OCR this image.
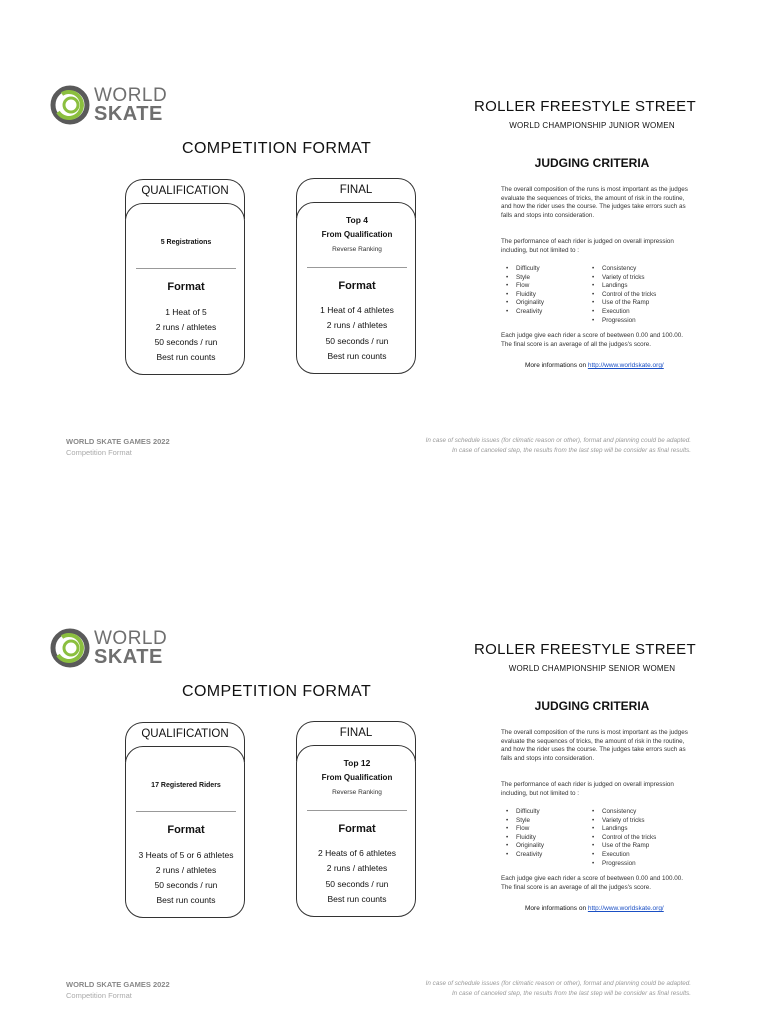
WORLD
SKATE
COMPETITION FORMAT
QUALIFICATION
5 Registrations
Format
1 Heat of 5
2 runs / athletes
50 seconds / run
Best run counts
FINAL
Top 4
From Qualification
Reverse Ranking
Format
1 Heat of 4 athletes
2 runs / athletes
50 seconds / run
Best run counts
ROLLER FREESTYLE STREET
WORLD CHAMPIONSHIP JUNIOR WOMEN
JUDGING CRITERIA
The overall composition of the runs is most important as the judges evaluate the sequences of tricks, the amount of risk in the routine, and how the rider uses the course. The judges take errors such as falls and stops into consideration.
The performance of each rider is judged on overall impression including, but not limited to :
• Difficulty
• Style
• Flow
• Fluidity
• Originality
• Creativity
• Consistency
• Variety of tricks
• Landings
• Control of the tricks
• Use of the Ramp
• Execution
• Progression
Each judge give each rider a score of beetween 0.00 and 100.00. The final score is an average of all the judges's score.
More informations on http://www.worldskate.org/
WORLD SKATE GAMES 2022
Competition Format
In case of schedule issues (for climatic reason or other), format and planning could be adapted.
In case of canceled step, the results from the last step will be consider as final results.
WORLD
SKATE
COMPETITION FORMAT
QUALIFICATION
17 Registered Riders
Format
3 Heats of 5 or 6 athletes
2 runs / athletes
50 seconds / run
Best run counts
FINAL
Top 12
From Qualification
Reverse Ranking
Format
2 Heats of 6 athletes
2 runs / athletes
50 seconds / run
Best run counts
ROLLER FREESTYLE STREET
WORLD CHAMPIONSHIP SENIOR WOMEN
JUDGING CRITERIA
The overall composition of the runs is most important as the judges evaluate the sequences of tricks, the amount of risk in the routine, and how the rider uses the course. The judges take errors such as falls and stops into consideration.
The performance of each rider is judged on overall impression including, but not limited to :
• Difficulty
• Style
• Flow
• Fluidity
• Originality
• Creativity
• Consistency
• Variety of tricks
• Landings
• Control of the tricks
• Use of the Ramp
• Execution
• Progression
Each judge give each rider a score of beetween 0.00 and 100.00. The final score is an average of all the judges's score.
More informations on http://www.worldskate.org/
WORLD SKATE GAMES 2022
Competition Format
In case of schedule issues (for climatic reason or other), format and planning could be adapted.
In case of canceled step, the results from the last step will be consider as final results.
